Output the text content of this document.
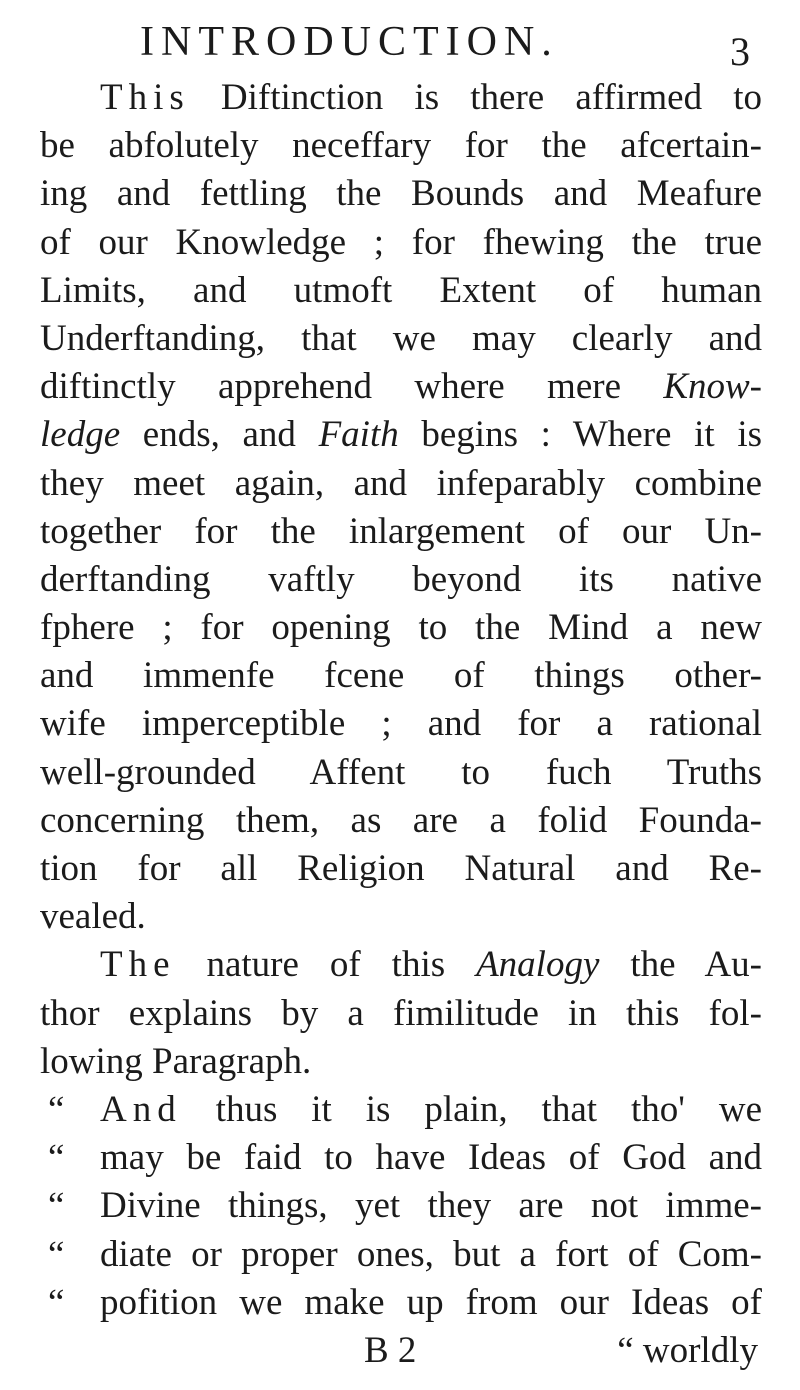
INTRODUCTION.	3
This Diftinction is there affirmed to
be abfolutely neceffary for the afcertain-
ing and fettling the Bounds and Meafure
of our Knowledge ; for fhewing the true
Limits, and utmoft Extent of human
Underftanding, that we may clearly and
diftinctly apprehend where mere Know-
ledge ends, and Faith begins : Where it is
they meet again, and infeparably combine
together for the inlargement of our Un-
derftanding vaftly beyond its native
fphere ; for opening to the Mind a new
and immenfe fcene of things other-
wife imperceptible ; and for a rational
well-grounded Affent to fuch Truths
concerning them, as are a folid Founda-
tion for all Religion Natural and Re-
vealed.
The nature of this Analogy the Au-
thor explains by a fimilitude in this fol-
lowing Paragraph.
“ And thus it is plain, that tho' we
“ may be faid to have Ideas of God and
“ Divine things, yet they are not imme-
“ diate or proper ones, but a fort of Com-
“ pofition we make up from our Ideas of
B 2	“ worldly
